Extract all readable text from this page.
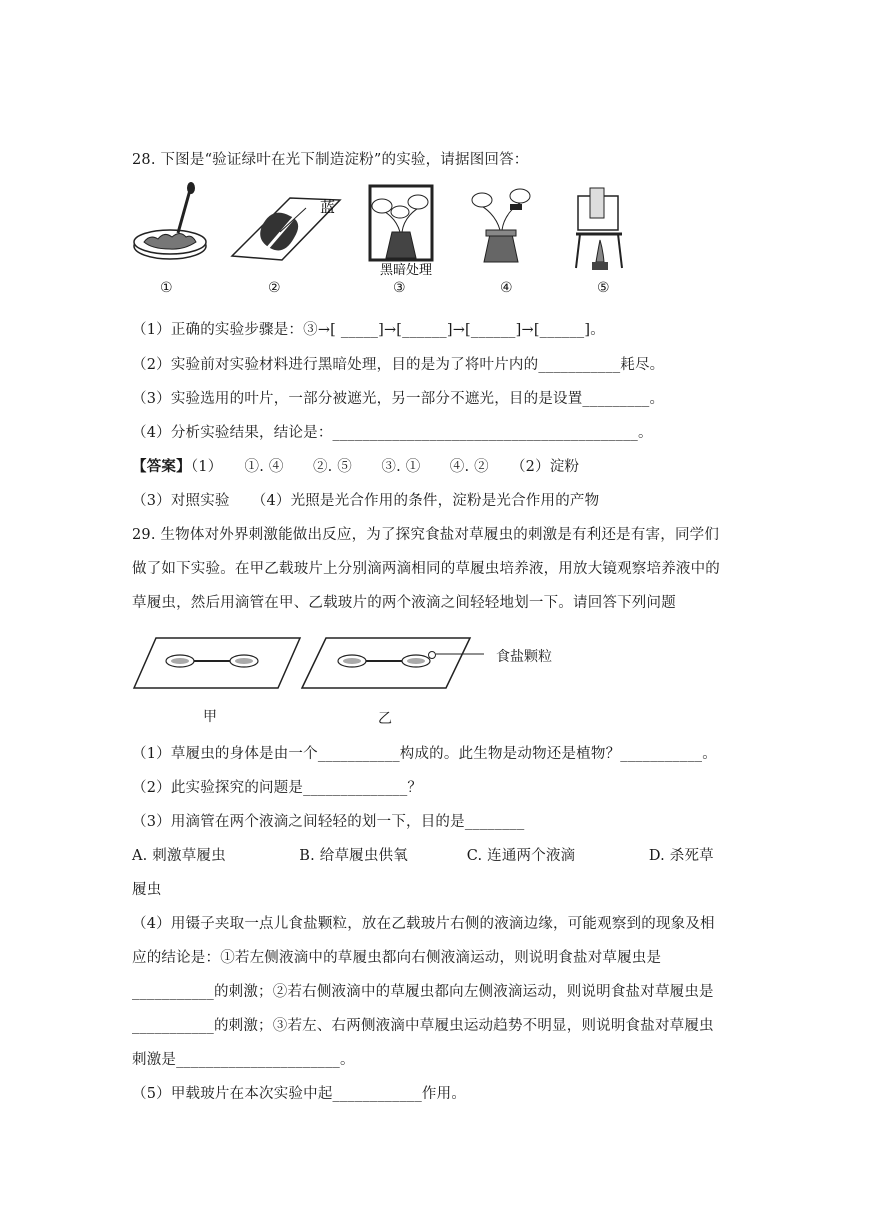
28. 下图是“验证绿叶在光下制造淀粉”的实验，请据图回答：
蓝
黑暗处理
①	②	③	④	⑤
（1）正确的实验步骤是：③→[ _____]→[______]→[______]→[______]。
（2）实验前对实验材料进行黑暗处理，目的是为了将叶片内的___________耗尽。
（3）实验选用的叶片，一部分被遮光，另一部分不遮光，目的是设置_________。
（4）分析实验结果，结论是：_________________________________________。
【答案】（1）　　①. ④　　②. ⑤　　③. ①　　④. ②　　（2）淀粉
（3）对照实验　　（4）光照是光合作用的条件，淀粉是光合作用的产物
29. 生物体对外界刺激能做出反应，为了探究食盐对草履虫的刺激是有利还是有害，同学们
做了如下实验。在甲乙载玻片上分别滴两滴相同的草履虫培养液，用放大镜观察培养液中的
草履虫，然后用滴管在甲、乙载玻片的两个液滴之间轻轻地划一下。请回答下列问题
食盐颗粒
甲	乙
（1）草履虫的身体是由一个___________构成的。此生物是动物还是植物？___________。
（2）此实验探究的问题是______________？
（3）用滴管在两个液滴之间轻轻的划一下，目的是________
A. 刺激草履虫　　　　　B. 给草履虫供氧　　　　C. 连通两个液滴　　　　　D. 杀死草
履虫
（4）用镊子夹取一点儿食盐颗粒，放在乙载玻片右侧的液滴边缘，可能观察到的现象及相
应的结论是：①若左侧液滴中的草履虫都向右侧液滴运动，则说明食盐对草履虫是
___________的刺激；②若右侧液滴中的草履虫都向左侧液滴运动，则说明食盐对草履虫是
___________的刺激；③若左、右两侧液滴中草履虫运动趋势不明显，则说明食盐对草履虫
刺激是______________________。
（5）甲载玻片在本次实验中起____________作用。
